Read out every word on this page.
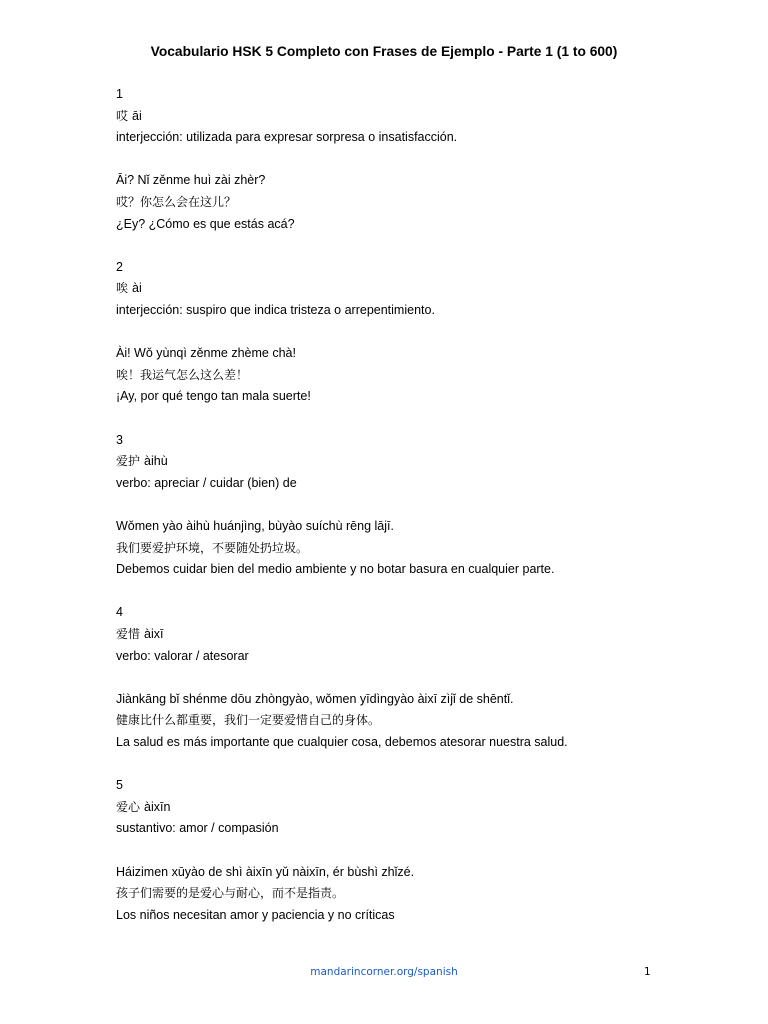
Vocabulario HSK 5 Completo con Frases de Ejemplo - Parte 1 (1 to 600)
1
哎 āi
interjección: utilizada para expresar sorpresa o insatisfacción.
Āi? Nǐ zěnme huì zài zhèr?
哎？你怎么会在这儿？
¿Ey? ¿Cómo es que estás acá?
2
唉 ài
interjección: suspiro que indica tristeza o arrepentimiento.
Ài! Wǒ yùnqì zěnme zhème chà!
唉！我运气怎么这么差！
¡Ay, por qué tengo tan mala suerte!
3
爱护 àihù
verbo: apreciar / cuidar (bien) de
Wǒmen yào àihù huánjìng, bùyào suíchù rēng lājī.
我们要爱护环境，不要随处扔垃圾。
Debemos cuidar bien del medio ambiente y no botar basura en cualquier parte.
4
爱惜 àixī
verbo: valorar / atesorar
Jiànkāng bǐ shénme dōu zhòngyào, wǒmen yīdìngyào àixī zìjǐ de shēntǐ.
健康比什么都重要，我们一定要爱惜自己的身体。
La salud es más importante que cualquier cosa, debemos atesorar nuestra salud.
5
爱心 àixīn
sustantivo: amor / compasión
Háizimen xūyào de shì àixīn yǔ nàixīn, ér bùshì zhǐzé.
孩子们需要的是爱心与耐心，而不是指责。
Los niños necesitan amor y paciencia y no críticas
mandarincorner.org/spanish	1
